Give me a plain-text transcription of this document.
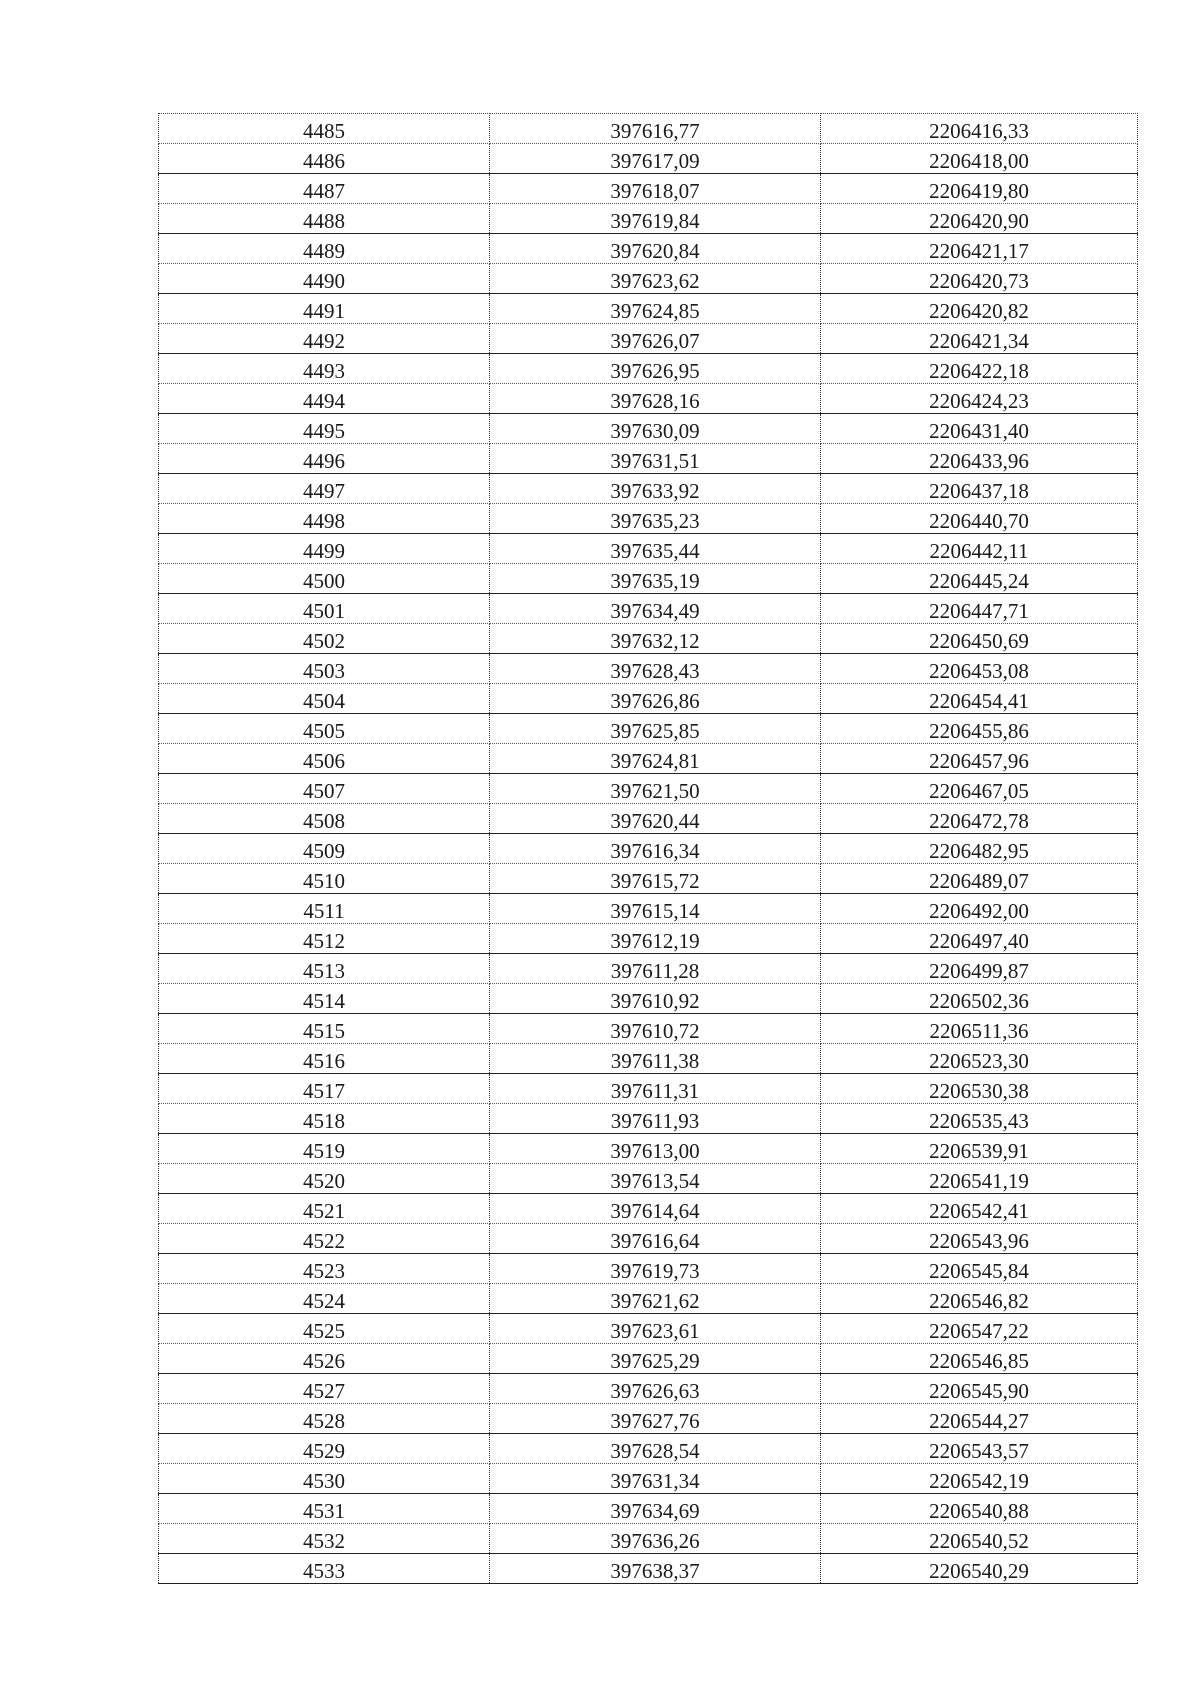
4485	397616,77	2206416,33
4486	397617,09	2206418,00
4487	397618,07	2206419,80
4488	397619,84	2206420,90
4489	397620,84	2206421,17
4490	397623,62	2206420,73
4491	397624,85	2206420,82
4492	397626,07	2206421,34
4493	397626,95	2206422,18
4494	397628,16	2206424,23
4495	397630,09	2206431,40
4496	397631,51	2206433,96
4497	397633,92	2206437,18
4498	397635,23	2206440,70
4499	397635,44	2206442,11
4500	397635,19	2206445,24
4501	397634,49	2206447,71
4502	397632,12	2206450,69
4503	397628,43	2206453,08
4504	397626,86	2206454,41
4505	397625,85	2206455,86
4506	397624,81	2206457,96
4507	397621,50	2206467,05
4508	397620,44	2206472,78
4509	397616,34	2206482,95
4510	397615,72	2206489,07
4511	397615,14	2206492,00
4512	397612,19	2206497,40
4513	397611,28	2206499,87
4514	397610,92	2206502,36
4515	397610,72	2206511,36
4516	397611,38	2206523,30
4517	397611,31	2206530,38
4518	397611,93	2206535,43
4519	397613,00	2206539,91
4520	397613,54	2206541,19
4521	397614,64	2206542,41
4522	397616,64	2206543,96
4523	397619,73	2206545,84
4524	397621,62	2206546,82
4525	397623,61	2206547,22
4526	397625,29	2206546,85
4527	397626,63	2206545,90
4528	397627,76	2206544,27
4529	397628,54	2206543,57
4530	397631,34	2206542,19
4531	397634,69	2206540,88
4532	397636,26	2206540,52
4533	397638,37	2206540,29
